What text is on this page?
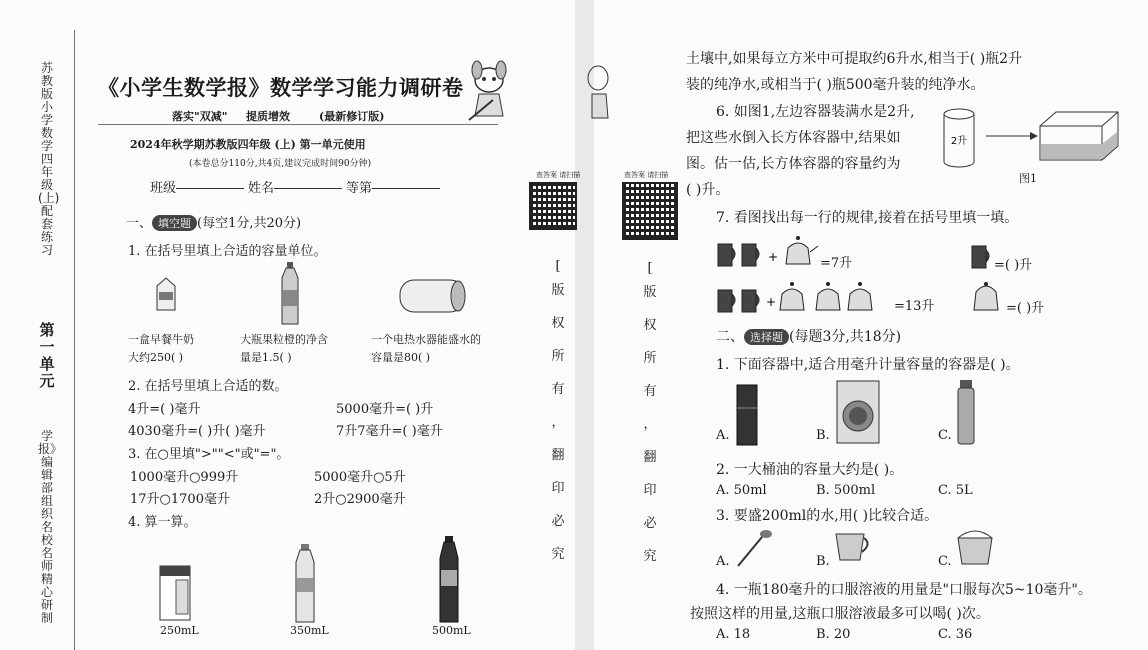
苏教版小学数学四年级(上)配套练习
第一单元
学报》编辑部组织名校名师精心研制
《小学生数学报》数学学习能力调研卷
落实"双减" 提质增效	(最新修订版)
2024年秋学期苏教版四年级 (上) 第一单元使用
(本卷总分110分,共4页,建议完成时间90分钟)
班级	姓名	等第
查答案 请扫描
[
版
权
所
有
，
翻
印
必
究
一、 填空题 (每空1分,共20分)
1. 在括号里填上合适的容量单位。
一盒早餐牛奶
大约250( )
大瓶果粒橙的净含
量是1.5( )
一个电热水器能盛水的
容量是80( )
2. 在括号里填上合适的数。
4升=( )毫升	5000毫升=( )升
4030毫升=( )升( )毫升	7升7毫升=( )毫升
3. 在○里填">""<"或"="。
1000毫升○999升	5000毫升○5升
17升○1700毫升	2升○2900毫升
4. 算一算。
250mL	350mL	500mL
查答案 请扫描
[
版
权
所
有
，
翻
印
必
究
土壤中,如果每立方米中可提取约6升水,相当于( )瓶2升
装的纯净水,或相当于( )瓶500毫升装的纯净水。
6. 如图1,左边容器装满水是2升,
把这些水倒入长方体容器中,结果如
图。估一估,长方体容器的容量约为
( )升。
2升
图1
7. 看图找出每一行的规律,接着在括号里填一填。
+	=7升	=( )升
+	=13升	=( )升
二、 选择题 (每题3分,共18分)
1. 下面容器中,适合用毫升计量容量的容器是( )。
A.	B.	C.
2. 一大桶油的容量大约是( )。
A. 50ml	B. 500ml	C. 5L
3. 要盛200ml的水,用( )比较合适。
A.	B.	C.
4. 一瓶180毫升的口服溶液的用量是"口服每次5~10毫升"。
按照这样的用量,这瓶口服溶液最多可以喝( )次。
A. 18	B. 20	C. 36
